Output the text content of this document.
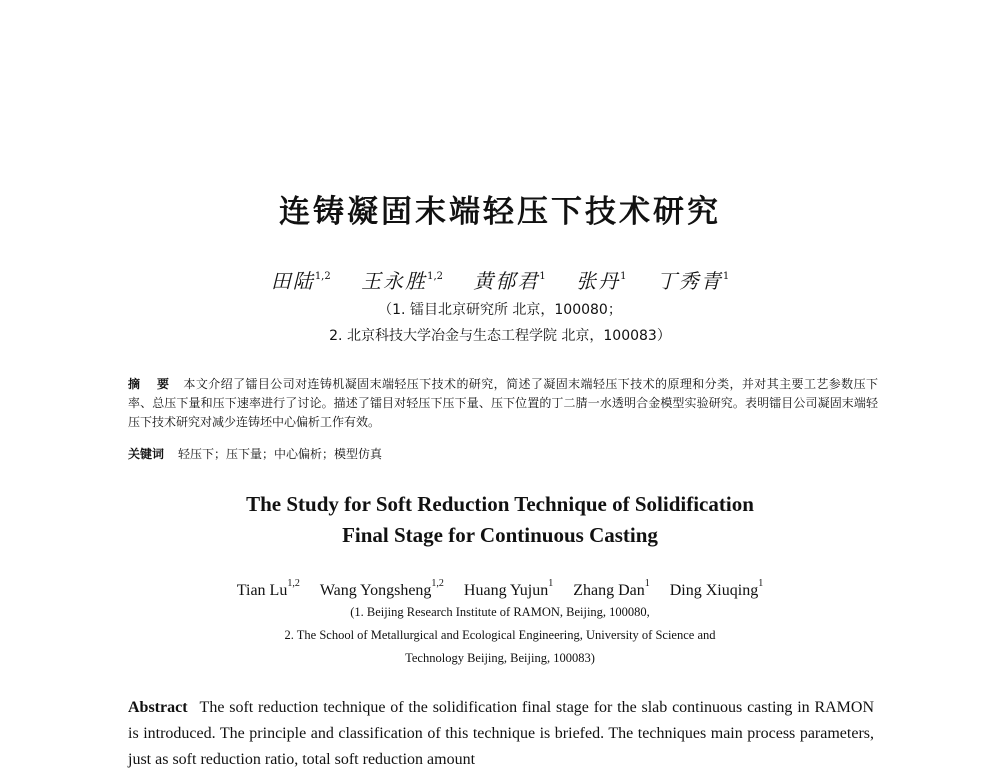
连铸凝固末端轻压下技术研究
田陆$^{1,2}$ 王永胜$^{1,2}$ 黄郁君$^1$ 张丹$^1$ 丁秀青$^1$
（1. 镭目北京研究所 北京，100080；
2. 北京科技大学冶金与生态工程学院 北京，100083）
摘 要 本文介绍了镭目公司对连铸机凝固末端轻压下技术的研究，简述了凝固末端轻压下技术的原理和分类，并对其主要工艺参数压下率、总压下量和压下速率进行了讨论。描述了镭目对轻压下压下量、压下位置的丁二腈一水透明合金模型实验研究。表明镭目公司凝固末端轻压下技术研究对减少连铸坯中心偏析工作有效。
关键词 轻压下；压下量；中心偏析；模型仿真
The Study for Soft Reduction Technique of Solidification
Final Stage for Continuous Casting
Tian Lu$^{1,2}$ Wang Yongsheng$^{1,2}$ Huang Yujun$^1$ Zhang Dan$^1$ Ding Xiuqing$^1$
(1. Beijing Research Institute of RAMON, Beijing, 100080,
2. The School of Metallurgical and Ecological Engineering, University of Science and
Technology Beijing, Beijing, 100083)
Abstract The soft reduction technique of the solidification final stage for the slab continuous casting in RAMON is introduced. The principle and classification of this technique is briefed. The techniques main process parameters, just as soft reduction ratio, total soft reduction amount
